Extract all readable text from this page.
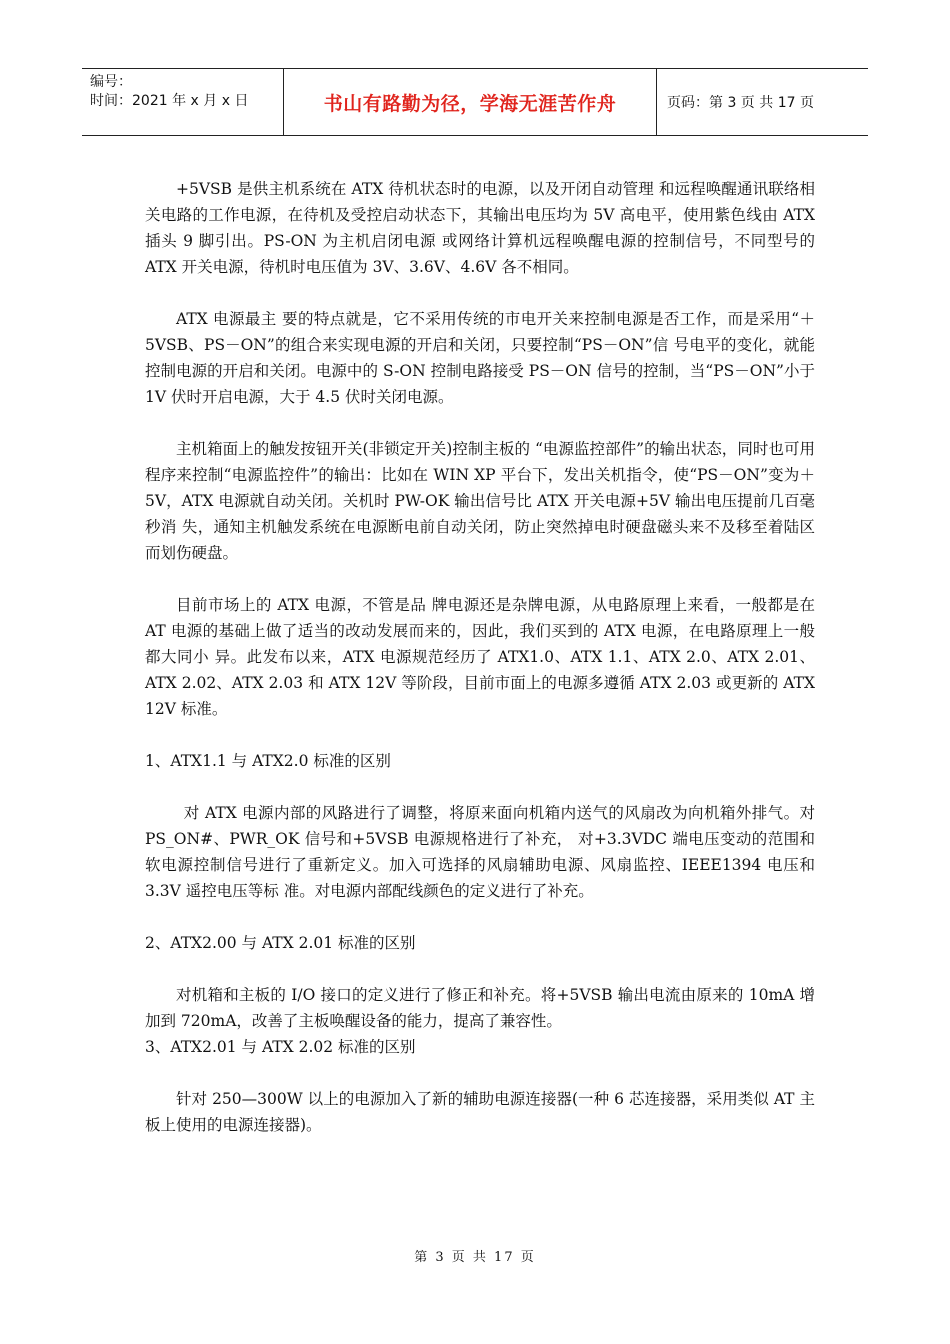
编号：
时间：2021 年 x 月 x 日	书山有路勤为径，学海无涯苦作舟	页码：第 3 页 共 17 页

+5VSB 是供主机系统在 ATX 待机状态时的电源，以及开闭自动管理 和远程唤醒通讯联络相关电路的工作电源，在待机及受控启动状态下，其输出电压均为 5V 高电平，使用紫色线由 ATX 插头 9 脚引出。PS-ON 为主机启闭电源 或网络计算机远程唤醒电源的控制信号，不同型号的 ATX 开关电源，待机时电压值为 3V、3.6V、4.6V 各不相同。

ATX 电源最主 要的特点就是，它不采用传统的市电开关来控制电源是否工作，而是采用“＋5VSB、PS－ON”的组合来实现电源的开启和关闭，只要控制“PS－ON”信 号电平的变化，就能控制电源的开启和关闭。电源中的 S-ON 控制电路接受 PS－ON 信号的控制，当“PS－ON”小于 1V 伏时开启电源，大于 4.5 伏时关闭电源。

主机箱面上的触发按钮开关(非锁定开关)控制主板的 “电源监控部件”的输出状态，同时也可用程序来控制“电源监控件”的输出：比如在 WIN XP 平台下，发出关机指令，使“PS－ON”变为＋5V，ATX 电源就自动关闭。关机时 PW-OK 输出信号比 ATX 开关电源+5V 输出电压提前几百毫秒消 失，通知主机触发系统在电源断电前自动关闭，防止突然掉电时硬盘磁头来不及移至着陆区而划伤硬盘。

目前市场上的 ATX 电源，不管是品 牌电源还是杂牌电源，从电路原理上来看，一般都是在 AT 电源的基础上做了适当的改动发展而来的，因此，我们买到的 ATX 电源，在电路原理上一般都大同小 异。此发布以来，ATX 电源规范经历了 ATX1.0、ATX 1.1、ATX 2.0、ATX 2.01、ATX 2.02、ATX 2.03 和 ATX 12V 等阶段，目前市面上的电源多遵循 ATX 2.03 或更新的 ATX 12V 标准。

1、ATX1.1 与 ATX2.0 标准的区别

对 ATX 电源内部的风路进行了调整，将原来面向机箱内送气的风扇改为向机箱外排气。对 PS_ON#、PWR_OK 信号和+5VSB 电源规格进行了补充， 对+3.3VDC 端电压变动的范围和软电源控制信号进行了重新定义。加入可选择的风扇辅助电源、风扇监控、IEEE1394 电压和 3.3V 遥控电压等标 准。对电源内部配线颜色的定义进行了补充。

2、ATX2.00 与 ATX 2.01 标准的区别

对机箱和主板的 I/O 接口的定义进行了修正和补充。将+5VSB 输出电流由原来的 10mA 增加到 720mA，改善了主板唤醒设备的能力，提高了兼容性。

3、ATX2.01 与 ATX 2.02 标准的区别

针对 250—300W 以上的电源加入了新的辅助电源连接器(一种 6 芯连接器，采用类似 AT 主板上使用的电源连接器)。

第 3 页 共 17 页
